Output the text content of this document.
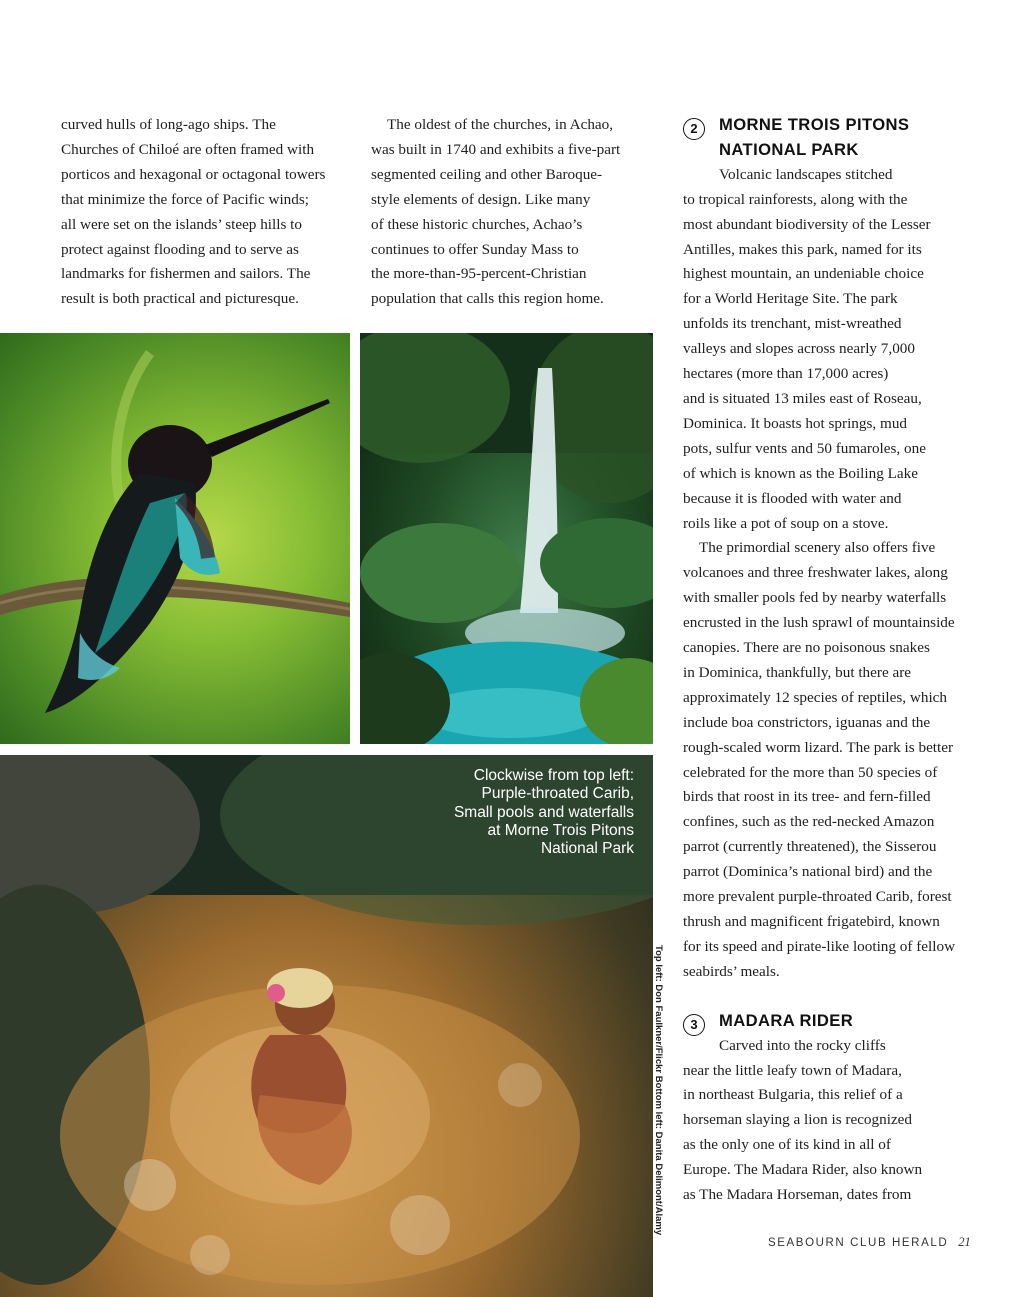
curved hulls of long-ago ships. The
Churches of Chiloé are often framed with
porticos and hexagonal or octagonal towers
that minimize the force of Pacific winds;
all were set on the islands’ steep hills to
protect against flooding and to serve as
landmarks for fishermen and sailors. The
result is both practical and picturesque.

The oldest of the churches, in Achao,
was built in 1740 and exhibits a five-part
segmented ceiling and other Baroque-
style elements of design. Like many
of these historic churches, Achao’s
continues to offer Sunday Mass to
the more-than-95-percent-Christian
population that calls this region home.

Clockwise from top left:
Purple-throated Carib,
Small pools and waterfalls
at Morne Trois Pitons
National Park
Top left: Don Faulkner/Flickr Bottom left: Danita Delimont/Alamy
2	MORNE TROIS PITONS
NATIONAL PARK

Volcanic landscapes stitched
to tropical rainforests, along with the
most abundant biodiversity of the Lesser
Antilles, makes this park, named for its
highest mountain, an undeniable choice
for a World Heritage Site. The park
unfolds its trenchant, mist-wreathed
valleys and slopes across nearly 7,000
hectares (more than 17,000 acres)
and is situated 13 miles east of Roseau,
Dominica. It boasts hot springs, mud
pots, sulfur vents and 50 fumaroles, one
of which is known as the Boiling Lake
because it is flooded with water and
roils like a pot of soup on a stove.

The primordial scenery also offers five
volcanoes and three freshwater lakes, along
with smaller pools fed by nearby waterfalls
encrusted in the lush sprawl of mountainside
canopies. There are no poisonous snakes
in Dominica, thankfully, but there are
approximately 12 species of reptiles, which
include boa constrictors, iguanas and the
rough-scaled worm lizard. The park is better
celebrated for the more than 50 species of
birds that roost in its tree- and fern-filled
confines, such as the red-necked Amazon
parrot (currently threatened), the Sisserou
parrot (Dominica’s national bird) and the
more prevalent purple-throated Carib, forest
thrush and magnificent frigatebird, known
for its speed and pirate-like looting of fellow
seabirds’ meals.

3	MADARA RIDER

Carved into the rocky cliffs
near the little leafy town of Madara,
in northeast Bulgaria, this relief of a
horseman slaying a lion is recognized
as the only one of its kind in all of
Europe. The Madara Rider, also known
as The Madara Horseman, dates from

SEABOURN CLUB HERALD 21
